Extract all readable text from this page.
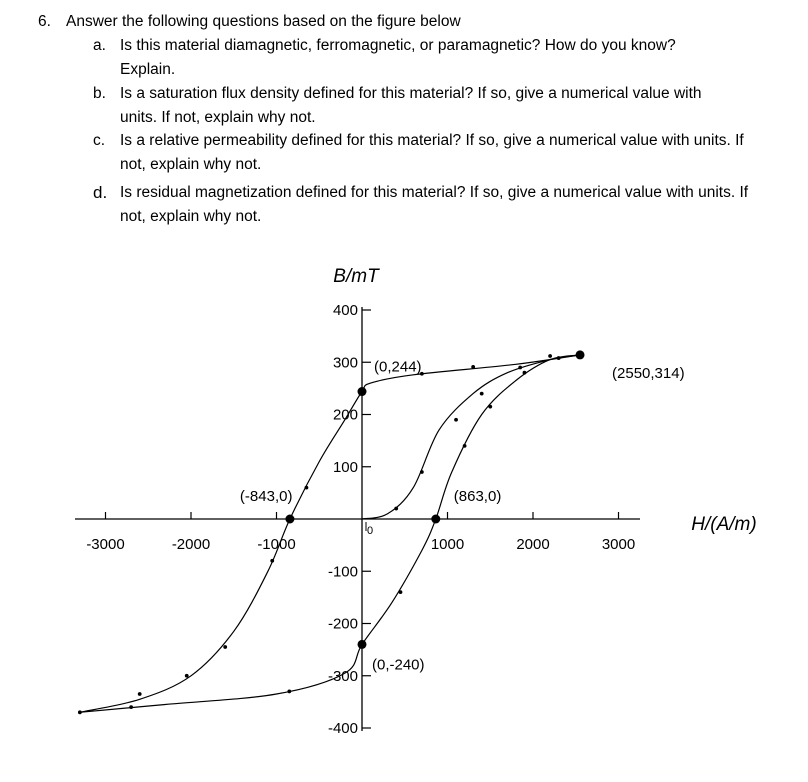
6. Answer the following questions based on the figure below
a. Is this material diamagnetic, ferromagnetic, or paramagnetic? How do you know? Explain.
b. Is a saturation flux density defined for this material? If so, give a numerical value with units. If not, explain why not.
c. Is a relative permeability defined for this material? If so, give a numerical value with units. If not, explain why not.
d. Is residual magnetization defined for this material? If so, give a numerical value with units. If not, explain why not.
-3000	-2000	-1000
0
1000	2000	3000
400
300
200
100
-100
-200
-300
-400
B/mT
H/(A/m)
(2550,314)
(0,244)
(-843,0)	(863,0)
(0,-240)
